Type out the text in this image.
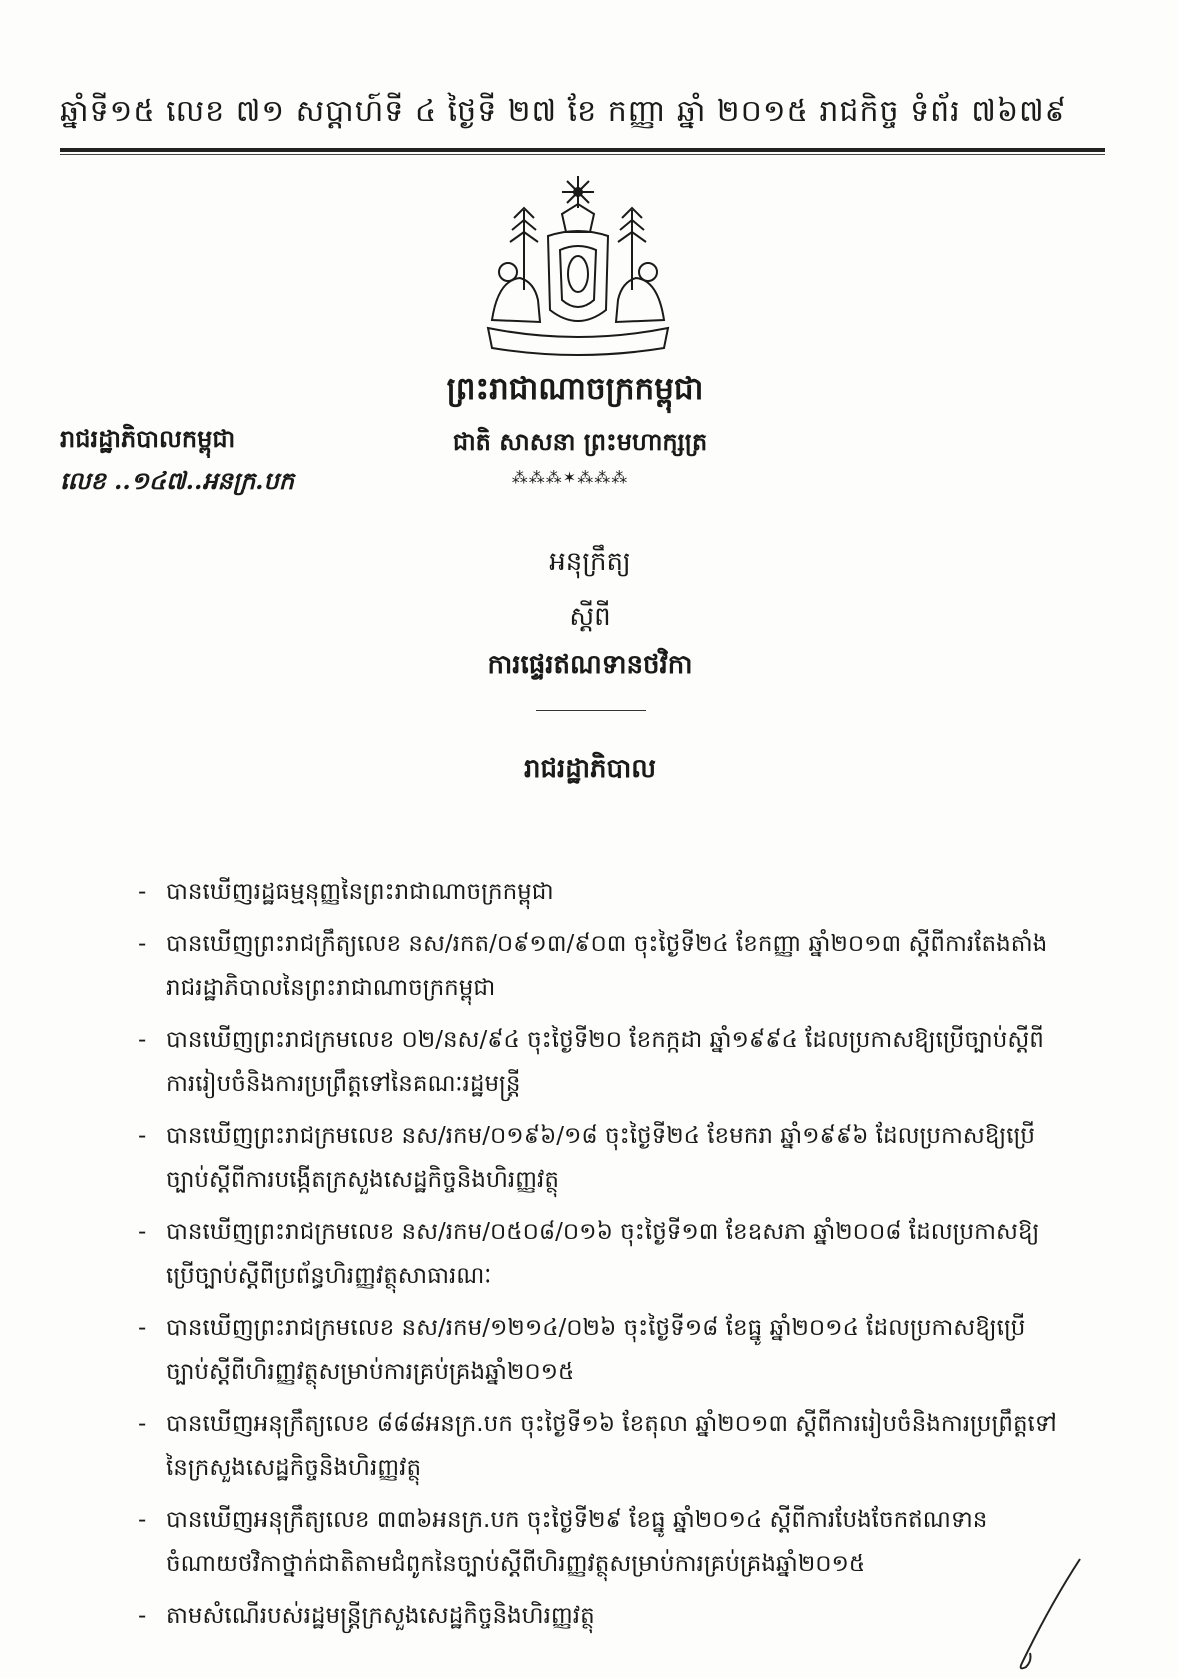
ឆ្នាំទី១៥ លេខ ៧១ សប្តាហ៍ទី ៤ ថ្ងៃទី ២៧ ខែ កញ្ញា ឆ្នាំ ២០១៥ រាជកិច្ច ទំព័រ ៧៦៧៩
ព្រះរាជាណាចក្រកម្ពុជា
ជាតិ សាសនា ព្រះមហាក្សត្រ
⁂⁂⁂✶⁂⁂⁂
រាជរដ្ឋាភិបាលកម្ពុជា
លេខ ..១៤៧..អនក្រ.បក
អនុក្រឹត្យ
ស្តីពី
ការផ្ទេរឥណទានថវិកា
រាជរដ្ឋាភិបាល
- បានឃើញរដ្ឋធម្មនុញ្ញនៃព្រះរាជាណាចក្រកម្ពុជា
- បានឃើញព្រះរាជក្រឹត្យលេខ នស/រកត/០៩១៣/៩០៣ ចុះថ្ងៃទី២៤ ខែកញ្ញា ឆ្នាំ២០១៣ ស្តីពីការតែងតាំងរាជរដ្ឋាភិបាលនៃព្រះរាជាណាចក្រកម្ពុជា
- បានឃើញព្រះរាជក្រមលេខ ០២/នស/៩៤ ចុះថ្ងៃទី២០ ខែកក្កដា ឆ្នាំ១៩៩៤ ដែលប្រកាសឱ្យប្រើច្បាប់ស្តីពីការរៀបចំនិងការប្រព្រឹត្តទៅនៃគណៈរដ្ឋមន្ត្រី
- បានឃើញព្រះរាជក្រមលេខ នស/រកម/០១៩៦/១៨ ចុះថ្ងៃទី២៤ ខែមករា ឆ្នាំ១៩៩៦ ដែលប្រកាសឱ្យប្រើច្បាប់ស្តីពីការបង្កើតក្រសួងសេដ្ឋកិច្ចនិងហិរញ្ញវត្ថុ
- បានឃើញព្រះរាជក្រមលេខ នស/រកម/០៥០៨/០១៦ ចុះថ្ងៃទី១៣ ខែឧសភា ឆ្នាំ២០០៨ ដែលប្រកាសឱ្យប្រើច្បាប់ស្តីពីប្រព័ន្ធហិរញ្ញវត្ថុសាធារណៈ
- បានឃើញព្រះរាជក្រមលេខ នស/រកម/១២១៤/០២៦ ចុះថ្ងៃទី១៨ ខែធ្នូ ឆ្នាំ២០១៤ ដែលប្រកាសឱ្យប្រើច្បាប់ស្តីពីហិរញ្ញវត្ថុសម្រាប់ការគ្រប់គ្រងឆ្នាំ២០១៥
- បានឃើញអនុក្រឹត្យលេខ ៨៨៨អនក្រ.បក ចុះថ្ងៃទី១៦ ខែតុលា ឆ្នាំ២០១៣ ស្តីពីការរៀបចំនិងការប្រព្រឹត្តទៅនៃក្រសួងសេដ្ឋកិច្ចនិងហិរញ្ញវត្ថុ
- បានឃើញអនុក្រឹត្យលេខ ៣៣៦អនក្រ.បក ចុះថ្ងៃទី២៩ ខែធ្នូ ឆ្នាំ២០១៤ ស្តីពីការបែងចែកឥណទានចំណាយថវិកាថ្នាក់ជាតិតាមជំពូកនៃច្បាប់ស្តីពីហិរញ្ញវត្ថុសម្រាប់ការគ្រប់គ្រងឆ្នាំ២០១៥
- តាមសំណើរបស់រដ្ឋមន្ត្រីក្រសួងសេដ្ឋកិច្ចនិងហិរញ្ញវត្ថុ
